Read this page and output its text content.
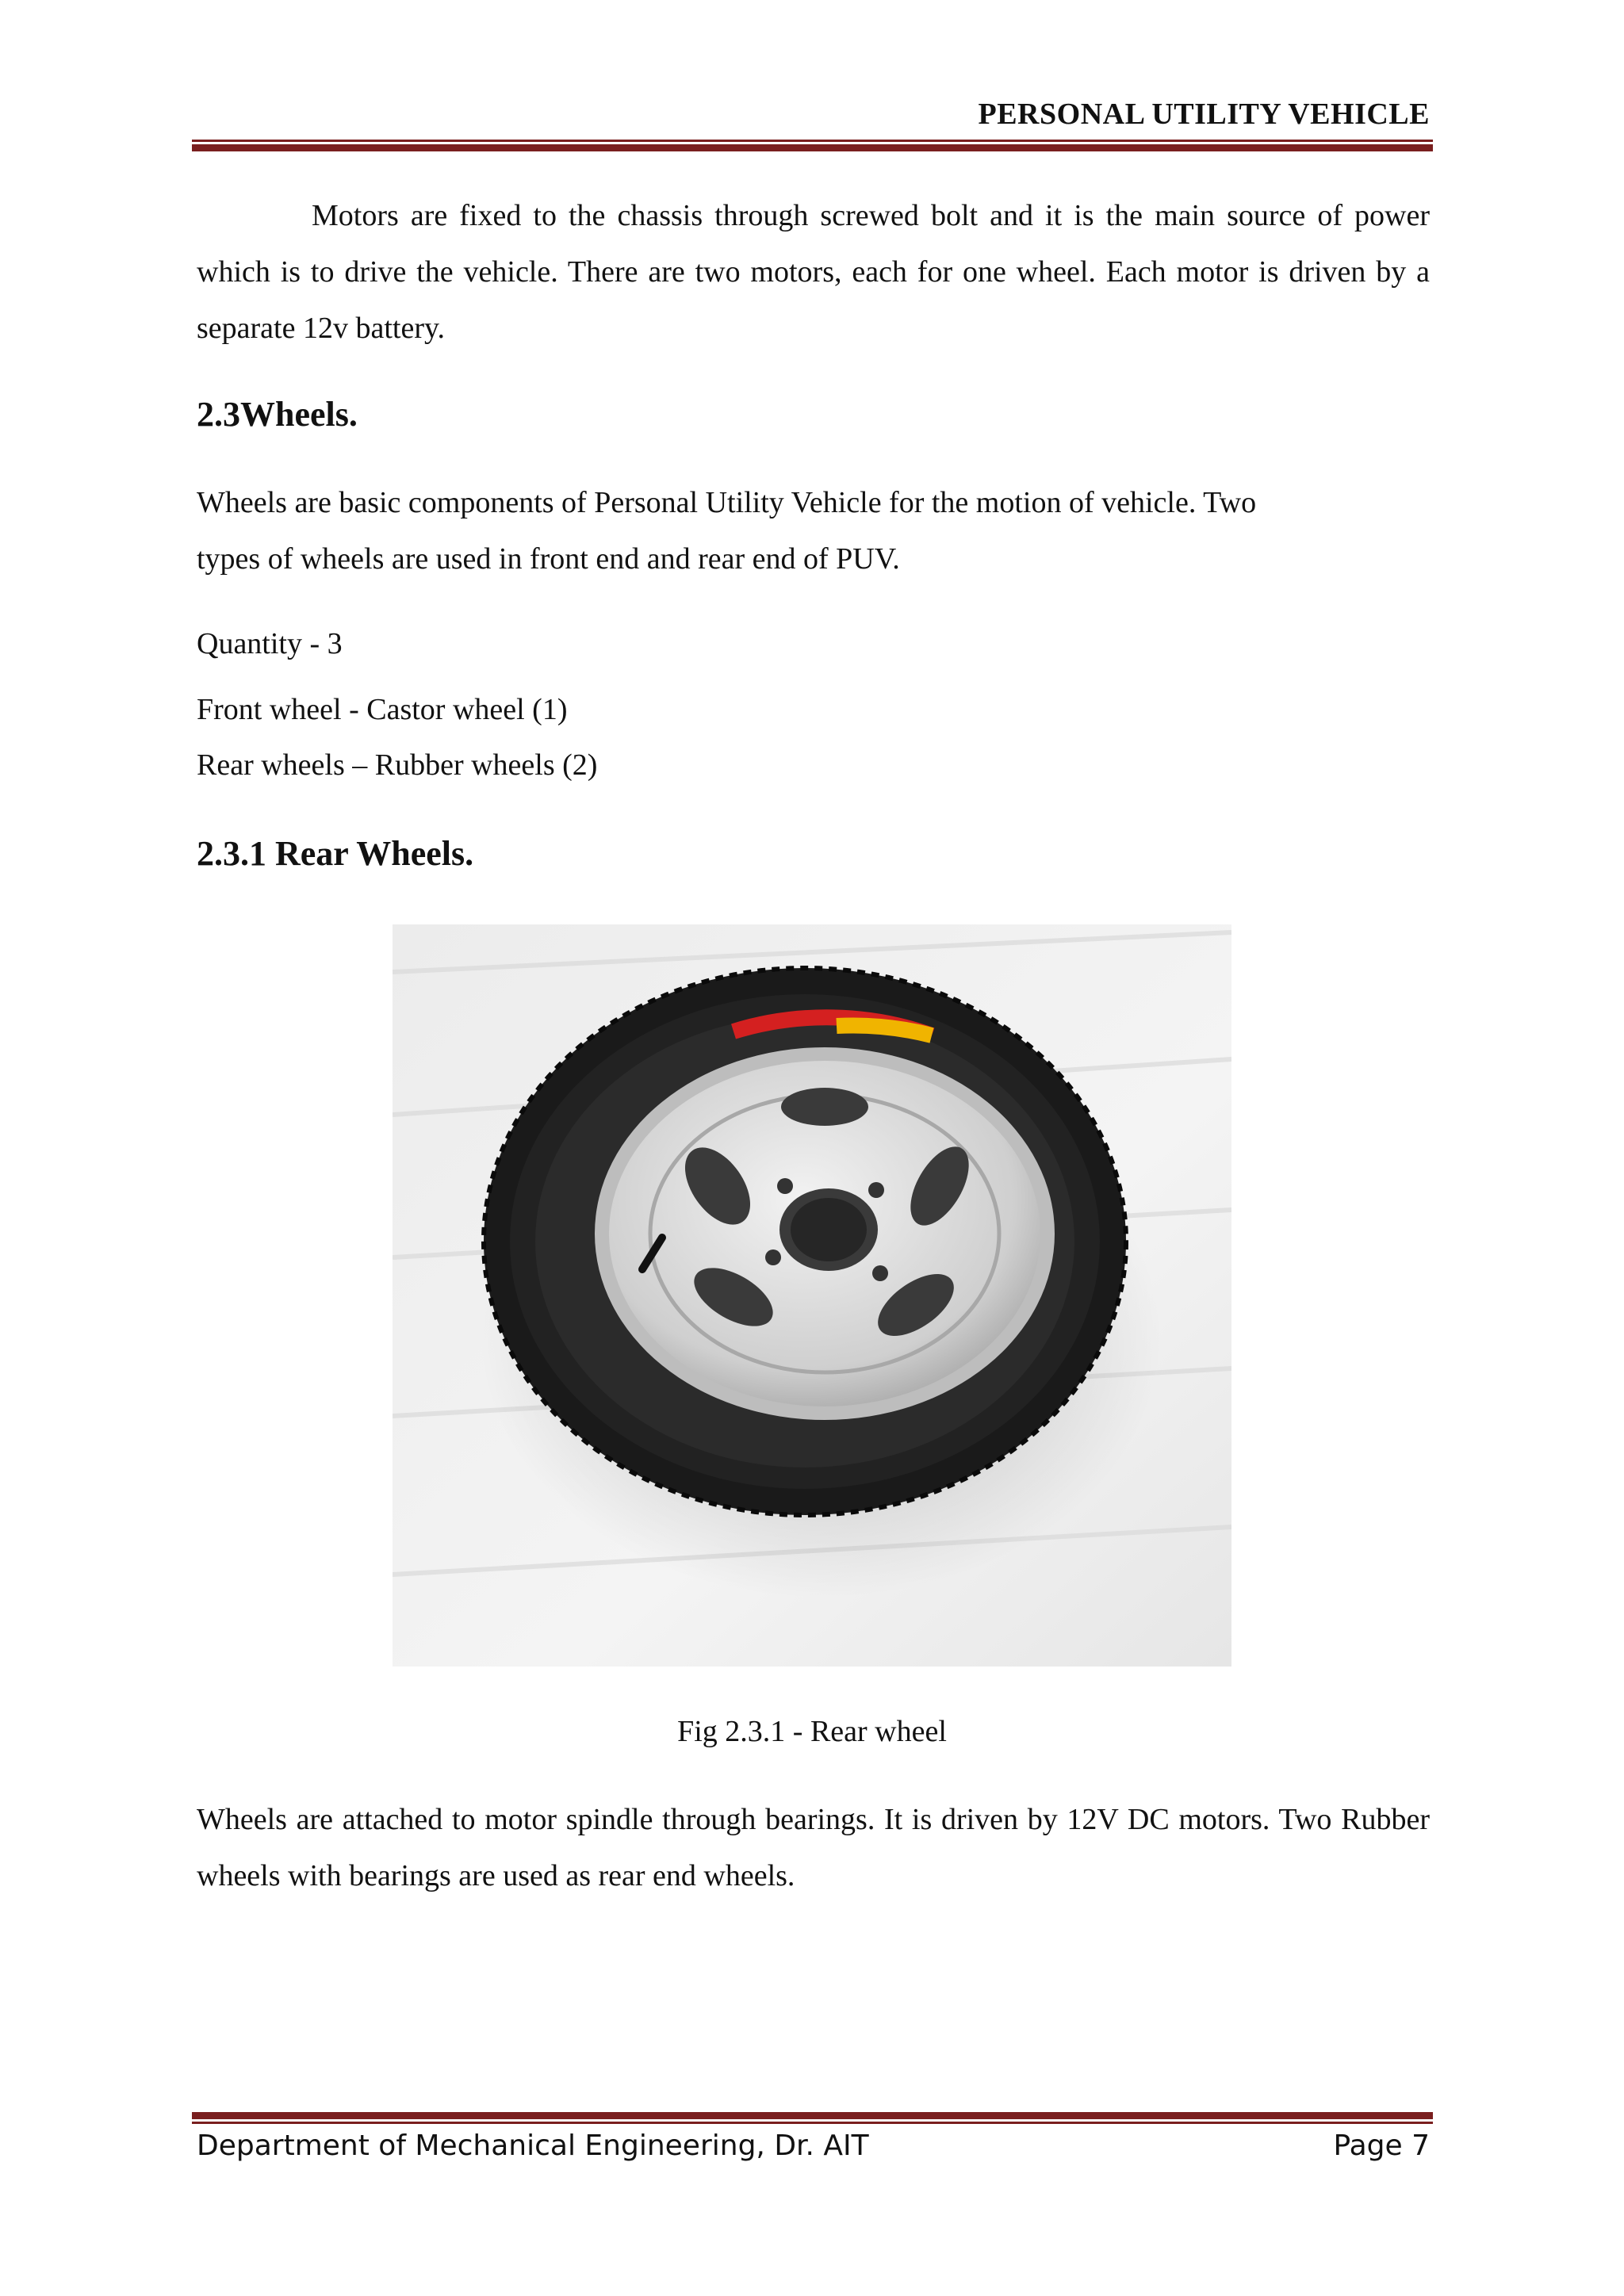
PERSONAL UTILITY VEHICLE
Motors are fixed to the chassis through screwed bolt and it is the main source of power which is to drive the vehicle. There are two motors, each for one wheel. Each motor is driven by a separate 12v battery.
2.3Wheels.
Wheels are basic components of Personal Utility Vehicle for the motion of vehicle. Two
types of wheels are used in front end and rear end of PUV.
Quantity - 3
Front wheel - Castor wheel (1)
Rear wheels – Rubber wheels (2)
2.3.1 Rear Wheels.
Fig 2.3.1 - Rear wheel
Wheels are attached to motor spindle through bearings. It is driven by 12V DC motors. Two Rubber wheels with bearings are used as rear end wheels.
Department of Mechanical Engineering, Dr. AIT	Page 7
